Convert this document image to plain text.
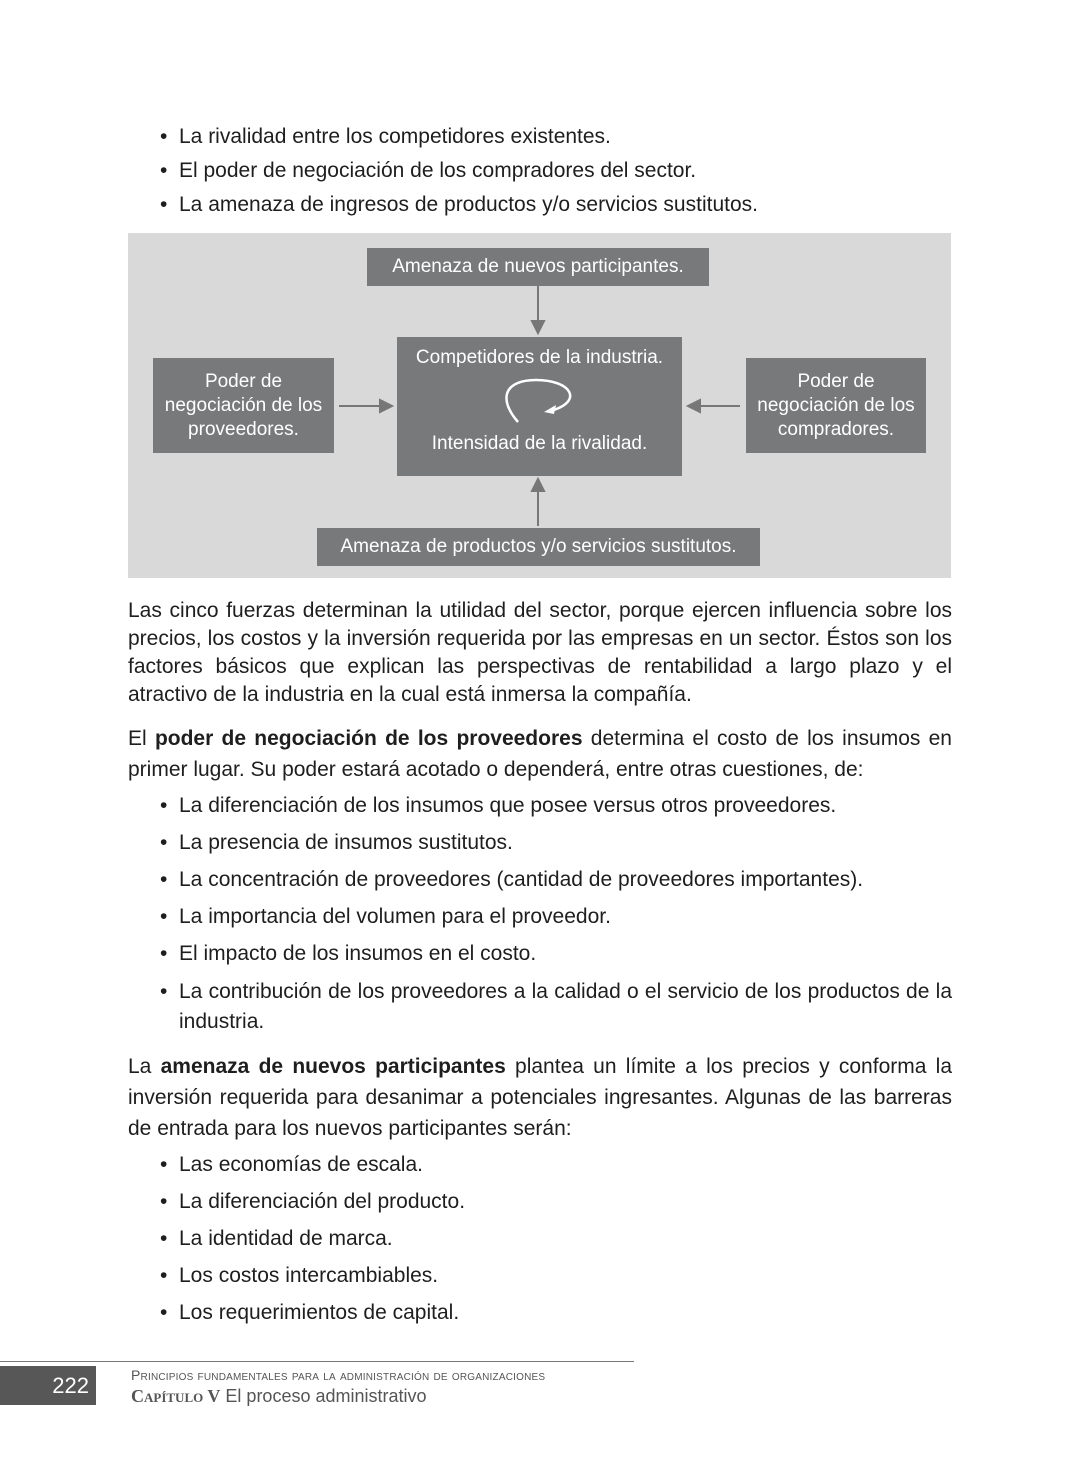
• La rivalidad entre los competidores existentes.
• El poder de negociación de los compradores del sector.
• La amenaza de ingresos de productos y/o servicios sustitutos.
Amenaza de nuevos participantes.
Competidores de la industria.
Intensidad de la rivalidad.
Poder de negociación de los proveedores.
Poder de negociación de los compradores.
Amenaza de productos y/o servicios sustitutos.
Las cinco fuerzas determinan la utilidad del sector, porque ejercen influencia sobre los precios, los costos y la inversión requerida por las empresas en un sector. Éstos son los factores básicos que explican las perspectivas de rentabilidad a largo plazo y el atractivo de la industria en la cual está inmersa la compañía.
El poder de negociación de los proveedores determina el costo de los insumos en primer lugar. Su poder estará acotado o dependerá, entre otras cuestiones, de:
• La diferenciación de los insumos que posee versus otros proveedores.
• La presencia de insumos sustitutos.
• La concentración de proveedores (cantidad de proveedores importantes).
• La importancia del volumen para el proveedor.
• El impacto de los insumos en el costo.
• La contribución de los proveedores a la calidad o el servicio de los productos de la industria.
La amenaza de nuevos participantes plantea un límite a los precios y conforma la inversión requerida para desanimar a potenciales ingresantes. Algunas de las barreras de entrada para los nuevos participantes serán:
• Las economías de escala.
• La diferenciación del producto.
• La identidad de marca.
• Los costos intercambiables.
• Los requerimientos de capital.
222	Principios fundamentales para la administración de organizaciones
Capítulo V El proceso administrativo
